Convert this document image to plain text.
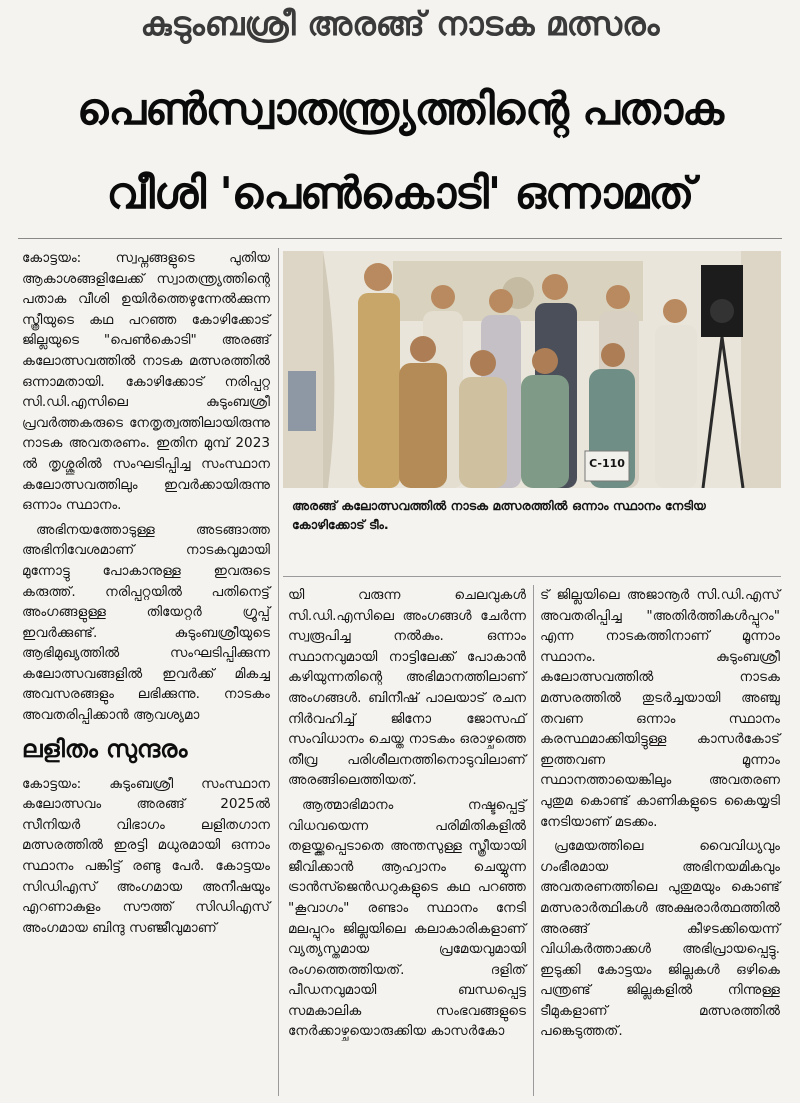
കുടുംബശ്രീ അരങ്ങ് നാടക മത്സരം
പെൺസ്വാതന്ത്ര്യത്തിന്റെ പതാക
വീശി 'പെൺകൊടി' ഒന്നാമത്

കോട്ടയം: സ്വപ്നങ്ങളുടെ പുതിയ ആകാശങ്ങളിലേക്ക് സ്വാതന്ത്ര്യത്തിന്റെ പതാക വീശി ഉയിർത്തെഴുന്നേൽക്കുന്ന സ്ത്രീയുടെ കഥ പറഞ്ഞ കോഴിക്കോട് ജില്ലയുടെ "പെൺകൊടി" അരങ്ങ് കലോത്സവത്തിൽ നാടക മത്സരത്തിൽ ഒന്നാമതായി. കോഴിക്കോട് നരിപ്പറ്റ സി.ഡി.എസിലെ കുടുംബശ്രീ പ്രവർത്തകരുടെ നേതൃത്വത്തിലായിരുന്നു നാടക അവതരണം. ഇതിന മുമ്പ് 2023 ൽ തൃശ്ശൂരിൽ സംഘടിപ്പിച്ച സംസ്ഥാന കലോത്സവത്തിലും ഇവർക്കായിരുന്നു ഒന്നാം സ്ഥാനം.

അഭിനയത്തോടുള്ള അടങ്ങാത്ത അഭിനിവേശമാണ് നാടകവുമായി മുന്നോട്ടു പോകാനുള്ള ഇവരുടെ കരുത്ത്. നരിപ്പറ്റയിൽ പതിനെട്ട് അംഗങ്ങളുള്ള തിയേറ്റർ ഗ്രൂപ്പ് ഇവർക്കുണ്ട്. കുടുംബശ്രീയുടെ ആഭിമുഖ്യത്തിൽ സംഘടിപ്പിക്കുന്ന കലോത്സവങ്ങളിൽ ഇവർക്ക് മികച്ച അവസരങ്ങളും ലഭിക്കുന്നു. നാടകം അവതരിപ്പിക്കാൻ ആവശ്യമാ

ലളിതം സുന്ദരം

കോട്ടയം: കുടുംബശ്രീ സംസ്ഥാന കലോത്സവം അരങ്ങ് 2025ൽ സീനിയർ വിഭാഗം ലളിതഗാന മത്സരത്തിൽ ഇരട്ടി മധുരമായി ഒന്നാം സ്ഥാനം പങ്കിട്ട് രണ്ടു പേർ. കോട്ടയം സിഡിഎസ് അംഗമായ അനീഷയും എറണാകുളം സൗത്ത് സിഡിഎസ് അംഗമായ ബിന്ദു സഞ്ജീവുമാണ്

C-110
അരങ്ങ് കലോത്സവത്തിൽ നാടക മത്സരത്തിൽ ഒന്നാം സ്ഥാനം നേടിയ കോഴിക്കോട് ടീം.

യി വരുന്ന ചെലവുകൾ സി.ഡി.എസിലെ അംഗങ്ങൾ ചേർന്ന സ്വരൂപിച്ച നൽകും. ഒന്നാം സ്ഥാനവുമായി നാട്ടിലേക്ക് പോകാൻ കഴിയുന്നതിന്റെ അഭിമാനത്തിലാണ് അംഗങ്ങൾ. ബിനീഷ് പാലയാട് രചന നിർവഹിച്ച് ജിനോ ജോസഫ് സംവിധാനം ചെയ്ത നാടകം ഒരാഴ്ചത്തെ തീവ്ര പരിശീലനത്തിനൊടുവിലാണ് അരങ്ങിലെത്തിയത്.

ആത്മാഭിമാനം നഷ്ടപ്പെട്ട് വിധവയെന്ന പരിമിതികളിൽ തളയ്ക്കപ്പെടാതെ അന്തസുള്ള സ്ത്രീയായി ജീവിക്കാൻ ആഹ്വാനം ചെയ്യുന്ന ട്രാൻസ്ജെൻഡറുകളുടെ കഥ പറഞ്ഞ "കൂവാഗം" രണ്ടാം സ്ഥാനം നേടി മലപ്പുറം ജില്ലയിലെ കലാകാരികളാണ് വ്യത്യസ്തമായ പ്രമേയവുമായി രംഗത്തെത്തിയത്. ദളിത് പീഡനവുമായി ബന്ധപ്പെട്ട സമകാലിക സംഭവങ്ങളുടെ നേർക്കാഴ്ചയൊരുക്കിയ കാസർകോ

ട് ജില്ലയിലെ അജാനൂർ സി.ഡി.എസ് അവതരിപ്പിച്ച "അതിർത്തികൾപ്പുറം" എന്ന നാടകത്തിനാണ് മൂന്നാം സ്ഥാനം. കുടുംബശ്രീ കലോത്സവത്തിൽ നാടക മത്സരത്തിൽ തുടർച്ചയായി അഞ്ചു തവണ ഒന്നാം സ്ഥാനം കരസ്ഥമാക്കിയിട്ടുള്ള കാസർകോട് ഇത്തവണ മൂന്നാം സ്ഥാനത്തായെങ്കിലും അവതരണ പുതുമ കൊണ്ട് കാണികളുടെ കൈയ്യടി നേടിയാണ് മടക്കം.

പ്രമേയത്തിലെ വൈവിധ്യവും ഗംഭീരമായ അഭിനയമികവും അവതരണത്തിലെ പുതുമയും കൊണ്ട് മത്സരാർത്ഥികൾ അക്ഷരാർത്ഥത്തിൽ അരങ്ങ് കീഴടക്കിയെന്ന് വിധികർത്താക്കൾ അഭിപ്രായപ്പെട്ടു. ഇടുക്കി കോട്ടയം ജില്ലകൾ ഒഴികെ പന്ത്രണ്ട് ജില്ലകളിൽ നിന്നുള്ള ടീമുകളാണ് മത്സരത്തിൽ പങ്കെടുത്തത്.
